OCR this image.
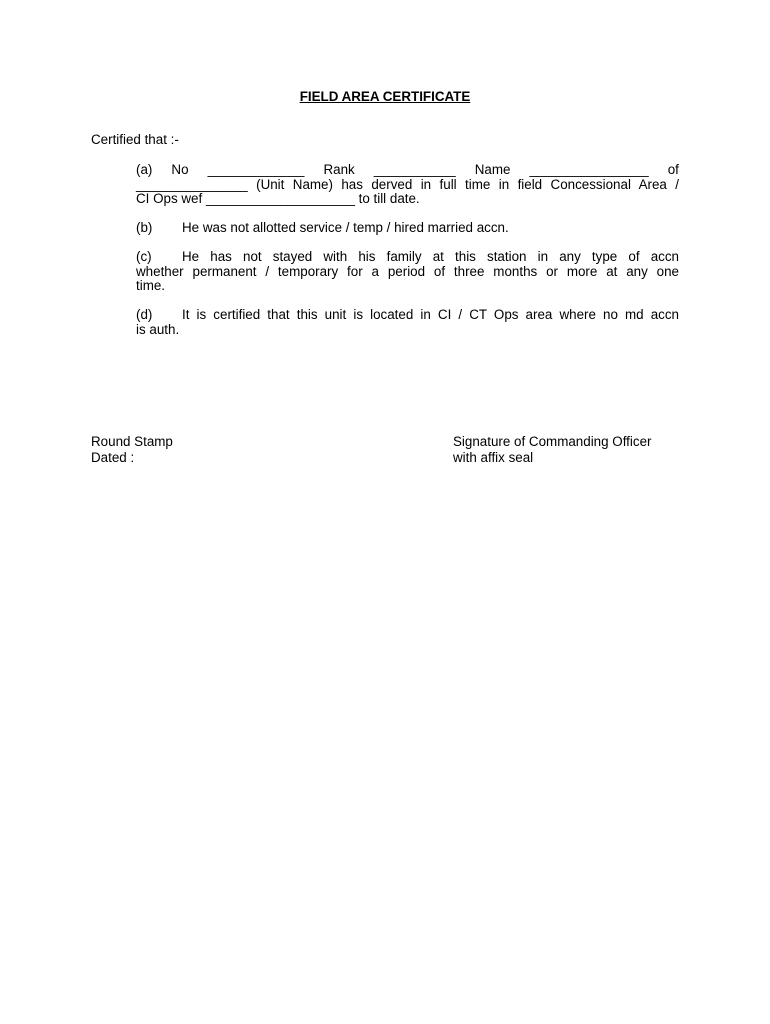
FIELD AREA CERTIFICATE
Certified that :-
(a) No _____________ Rank ___________ Name ________________ of
_______________ (Unit Name) has derved in full time in field Concessional Area /
CI Ops wef ____________________ to till date.
(b) He was not allotted service / temp / hired married accn.
(c) He has not stayed with his family at this station in any type of accn
whether permanent / temporary for a period of three months or more at any one
time.
(d) It is certified that this unit is located in CI / CT Ops area where no md accn
is auth.
Round Stamp
Dated :
Signature of Commanding Officer
with affix seal
